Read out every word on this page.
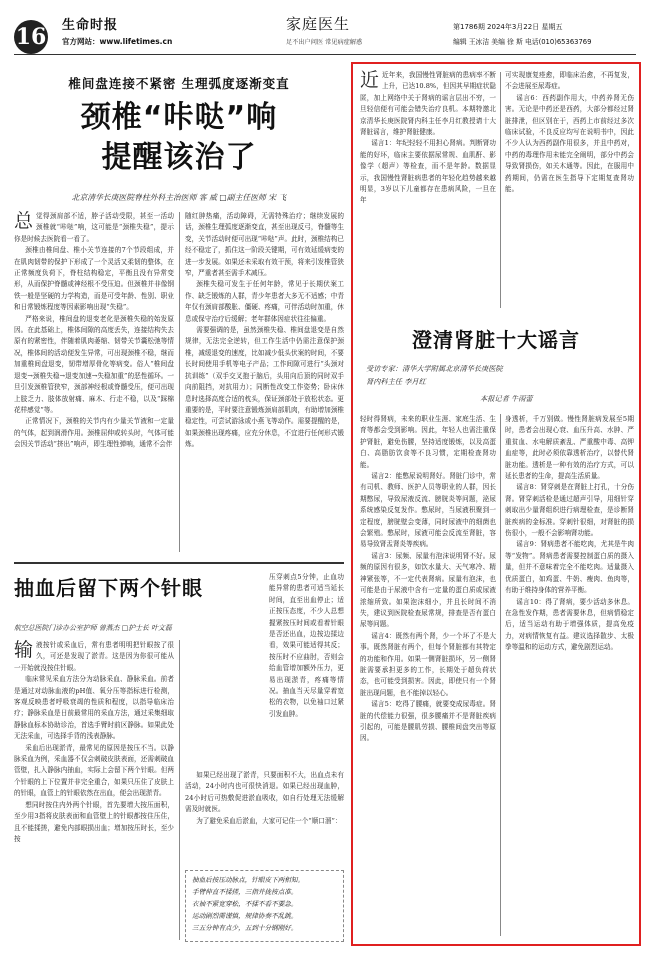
16 生命时报
官方网站：www.lifetimes.cn
家庭医生
足不出户问医 常见病症解惑
第1786期 2024年3月22日 星期五
编辑 王冰洁 美编 徐 斯 电话(010)65363769
椎间盘连接不紧密 生理弧度逐渐变直
颈椎“咔哒”响
提醒该治了
北京清华长庚医院脊柱外科主治医师 客 威 □副主任医师 宋 飞

总觉得颈肩部不适，脖子活动受限，甚至一活动颈椎就“咔哒”响，这可能是“颈椎失稳”，提示你是时候去医院看一看了。

颈椎由椎间盘、椎小关节连接的7个节段组成，并在肌肉韧带的保护下形成了一个灵活又柔韧的整体，在正常频度负荷下，脊柱结构稳定，平衡且没有异常变形，从而保护脊髓或神经根不受压迫。但颈椎并非像钢铁一般是坚硬的力学构造，而是可受年龄、性别、职业和日常锻炼程度等因素影响出现“失稳”。

严格来说，椎间盘的退变老化是颈椎失稳的始发原因。在此基础上，椎体间隙的高度丢失，连接结构失去原有的紧密性，伴随着肌肉萎缩、韧带关节囊松弛等情况，椎体间的活动便发生异常，可出现颈椎不稳，继而加重椎间盘退变，韧带增厚骨化等病变。俗人“椎间盘退变→颈椎失稳→退变加速→失稳加重”的恶性循环。一旦引发颈椎管狭窄，颈部神经根或脊髓受压，便可出现上肢乏力、肢体放射痛、麻木、行走不稳，以及“踩棉花样感觉”等。

正常情况下，颈椎的关节内有少量关节液和一定量的气体，起到润滑作用。颈椎屈伸或转头时，气体可能会因关节活动“挤出”响声，即生理性弹响，通常不会伴

随红肿热痛，活动障碍，无需特殊治疗；继续发展的话，颈椎生理弧度逐渐变直，甚至出现反弓，脊髓等生变，关节活动时便可出现“咔哒”声。此时，颈椎结构已经不稳定了，抓住这一阶段关键期，可有效延缓病变的进一步发展。如果还未采取有效干预，将来引发椎管狭窄，严重者甚至需手术减压。

颈椎失稳可发生于任何年龄，常见于长期伏案工作、缺乏锻炼的人群，青少年患者大多无不适感；中青年仅有颈肩部酸胀、僵硬、疼痛，可伴活动时加重，休息或保守治疗后缓解；老年群体因症状往往偏重。

需要强调的是，虽然颈椎失稳、椎间盘退变是自然规律，无法完全逆转，但工作生活中仍需注意保护颈椎，减缓退变的速度，比如减少低头伏案的时间，不要长时间使用手机等电子产品；工作间隙可进行“头颈对抗训练”（双手交叉抱于脑后，头用向后顶的同时双手向前阻挡，对抗用力）；同断性改变工作姿势；卧床休息时选择高度合适的枕头，保证颈部处于放松状态。更重要的是，平时要注意锻炼颈肩部肌肉，有助增加颈椎稳定性，可尝试游泳或小燕飞等动作。需要提醒的是，如果颈椎出现疼痛，应充分休息，不宜进行任何形式锻炼。

抽血后留下两个针眼
航空总医院门诊办公室护师 曾燕杰 □护士长 叶文磊

输液按针或采血后，常有患者明明把针眼按了很久，可还是发现了淤青。这是因为你很可能从一开始就没按住针眼。

临床常见采血方法分为动脉采血、静脉采血。前者是通过对动脉血液的pH值、氧分压等指标进行检测，客观反映患者呼吸衰竭的性质和程度，以指导临床治疗；静脉采血是日前最常用的采血方法，通过采集细取静脉血标本协助诊治，首选手臂时前区静脉。如果此处无法采血，可选择手背的浅表静脉。

采血后出现淤青，最常见的原因是按压不当。以静脉采血为例，采血器不仅会刺破皮肤表面，还需刺破血管壁，扎入静脉内抽血，实际上会留下两个针眼。但两个针眼的上下位置并非完全重合，如果只压住了皮肤上的针眼，血管上的针眼依然在出血，便会出现淤青。

想同时按住内外两个针眼，首先要增大按压面积，至少用3指将皮肤表面和血管壁上的针眼都按住压住，且不能揉搓，避免内部眼损出血；增加按压时长，至少按

压穿刺点5分钟，止血功能异常的患者可适当延长时间，直至出血停止；适正按压态度，不少人总想握紧按压时间或看着针眼是否还出血，边按边揉边看，效果可能适得其反；按压时不应曲肘，否则会给血管增加额外压力，更易出现淤青，疼痛等情况。抽血当天尽量穿着宽松的衣物，以免袖口过紧引发血肿。

如果已经出现了淤青，只要面积不大，出血点未有活动，24小时内也可很快消退。如果已经出现血肿，24小时后可热敷促进淤血吸收，如自行处理无法缓解需及时就医。

为了避免采血后淤血，大家可记住一个“顺口溜”：

抽血后按压动脉点，针眼皮下两相知。
手臂伸直不揉搓，三指并拢按点准。
衣袖不紧宽穿松，不揉不看不要急。
运动剧烈需谨慎，规律协奏不乱跳。
三五分钟有点少，五到十分钢刚好。

近近年来，我国慢性肾脏病的患病率不断上升，已达10.8%，但因其早期症状隐匿，加上网络中关于肾病的谣言层出不穷，一旦轻信便有可能会错失治疗良机。本期特邀北京清华长庚医院肾内科主任李月红教授请十大肾脏谣言，维护肾脏健康。

谣言1：年纪轻轻不用担心肾病。判断肾功能的好坏，临床主要依据尿常规、血肌酐、影像学（超声）等检查，而不是年龄。数据显示，我国慢性肾脏病患者的年轻化趋势越来越明显，3岁以下儿童都存在患病风险，一旦在年

可实现康复痊愈，即临床治愈，不再复发，不会进展至尿毒症。

谣言6：西药副作用大，中药养肾无伤害。无论是中药还是西药，大部分都经过肾脏排泄，但区别在于，西药上市前经过多次临床试验，不良反应均写在说明书中，因此不少人认为西药副作用很多，并且中药对，中药的毒理作用未能完全阐明，部分中药会导致肾损伤，如关木通等。因此，在服用中药期间，仍需在医生指导下定期复查肾功能。

澄清肾脏十大谣言
受访专家：清华大学附属北京清华长庚医院
肾内科主任 李月红
本报记者 牛雨蕾

轻时得肾病，未来的职业生涯、家庭生活、生育等都会受到影响。因此，年轻人也需注重保护肾脏，避免伤腰，坚持适度锻炼，以及高蛋白、高脂肪饮食等不良习惯，定期检查肾功能。

谣言2：能憋尿说明肾好。肾脏门诊中，常有司机、教师、医护人员等职业的人群，因长期憋尿，导致尿液反流、膀胱炎等问题，泌尿系统感染反复发作。憋尿时，当尿液积聚到一定程度，膀胱壁会变薄，同时尿液中的细菌也会繁殖。憋尿时，尿液可能会反流至肾脏，容易导致肾盂肾炎等疾病。

谣言3：尿频、尿量有泡沫说明肾不好。尿频的原因有很多，如饮水量大、天气寒冷、精神紧张等，不一定代表肾病。尿量有泡沫，也可能是由于尿液中含有一定量的蛋白质或尿液浓缩所致。如果泡沫细小，并且长时间不消失，建议到医院检查尿常规，排查是否有蛋白尿等问题。

谣言4：既然有两个肾，少一个坏了不是大事。既然肾脏有两个，但每个肾脏都有其特定的功能和作用。如果一侧肾脏损坏，另一侧肾脏需要承担更多的工作，长期处于超负荷状态，也可能受到损害。因此，即使只有一个肾脏出现问题，也不能掉以轻心。

谣言5：吃得了腰痛，就要变成尿毒症。肾脏的代偿能力很强，很多腰痛并不是肾脏疾病引起的，可能是腰肌劳损、腰椎间盘突出等原因。

身透析，千万别做。慢性肾脏病发展至5期时，患者会出现心衰、血压升高、水肿、严重贫血、水电解质紊乱、严重酸中毒、高钾血症等，此时必须依靠透析治疗，以替代肾脏功能。透析是一种有效的治疗方式，可以延长患者的生命，提高生活质量。

谣言8：肾穿刺是在肾脏上打孔，十分伤肾。肾穿刺活检是通过超声引导，用细针穿刺取出少量肾组织进行病理检查，是诊断肾脏疾病的金标准。穿刺针很细，对肾脏的损伤很小，一般不会影响肾功能。

谣言9：肾病患者不能吃肉，尤其是牛肉等“发物”。肾病患者需要控制蛋白质的摄入量，但并不意味着完全不能吃肉。适量摄入优质蛋白，如鸡蛋、牛奶、瘦肉、鱼肉等，有助于维持身体的营养平衡。

谣言10：得了肾病，要少活动多休息。在急性发作期，患者需要休息，但病情稳定后，适当运动有助于增强体质，提高免疫力，对病情恢复有益。建议选择散步、太极拳等温和的运动方式，避免剧烈运动。
